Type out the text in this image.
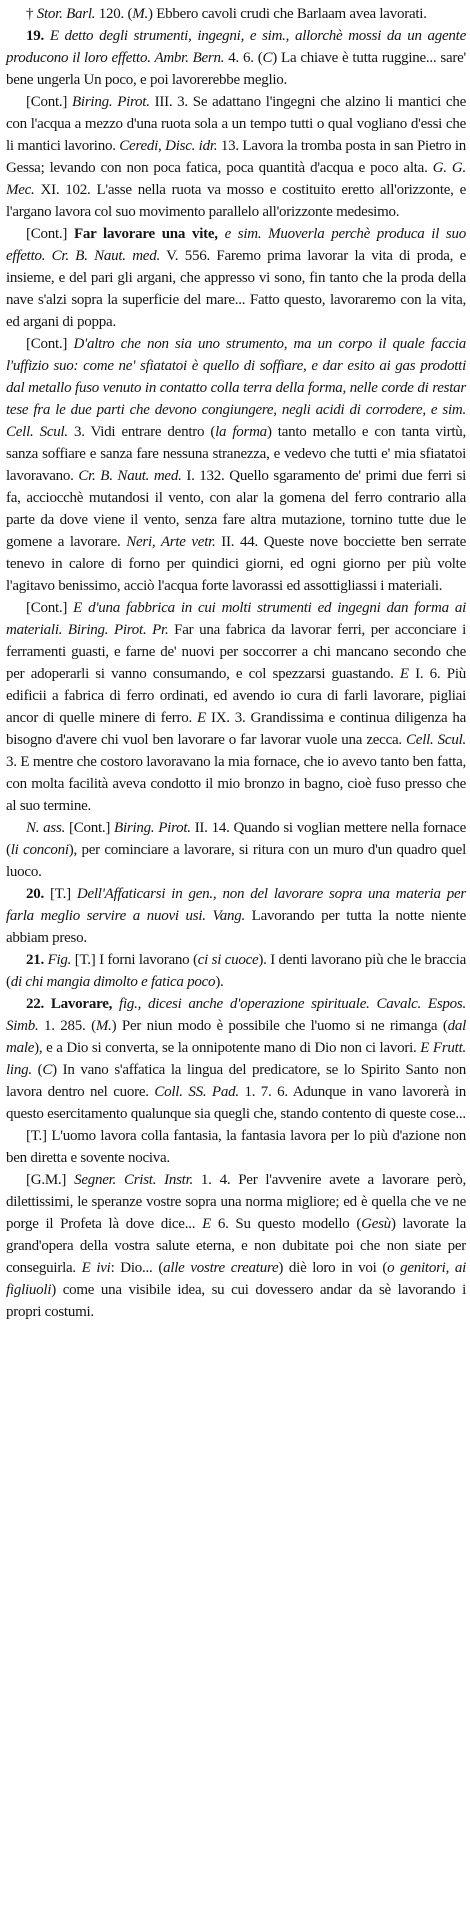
† Stor. Barl. 120. (M.) Ebbero cavoli crudi che Barlaam avea lavorati.

19. E detto degli strumenti, ingegni, e sim., allorchè mossi da un agente producono il loro effetto. Ambr. Bern. 4. 6. (C) La chiave è tutta ruggine... sare' bene ungerla Un poco, e poi lavorerebbe meglio.

[Cont.] Biring. Pirot. III. 3. Se adattano l'ingegni che alzino li mantici che con l'acqua a mezzo d'una ruota sola a un tempo tutti o qual vogliano d'essi che li mantici lavorino. Ceredi, Disc. idr. 13. Lavora la tromba posta in san Pietro in Gessa; levando con non poca fatica, poca quantità d'acqua e poco alta. G. G. Mec. XI. 102. L'asse nella ruota va mosso e costituito eretto all'orizzonte, e l'argano lavora col suo movimento parallelo all'orizzonte medesimo.

[Cont.] Far lavorare una vite, e sim. Muoverla perchè produca il suo effetto. Cr. B. Naut. med. V. 556. Faremo prima lavorar la vita di proda, e insieme, e del pari gli argani, che appresso vi sono, fin tanto che la proda della nave s'alzi sopra la superficie del mare... Fatto questo, lavoraremo con la vita, ed argani di poppa.

[Cont.] D'altro che non sia uno strumento, ma un corpo il quale faccia l'uffizio suo: come ne' sfiatatoi è quello di soffiare, e dar esito ai gas prodotti dal metallo fuso venuto in contatto colla terra della forma, nelle corde di restar tese fra le due parti che devono congiungere, negli acidi di corrodere, e sim. Cell. Scul. 3. Vidi entrare dentro (la forma) tanto metallo e con tanta virtù, sanza soffiare e sanza fare nessuna stranezza, e vedevo che tutti e' mia sfiatatoi lavoravano. Cr. B. Naut. med. I. 132. Quello sgaramento de' primi due ferri si fa, acciocchè mutandosi il vento, con alar la gomena del ferro contrario alla parte da dove viene il vento, senza fare altra mutazione, tornino tutte due le gomene a lavorare. Neri, Arte vetr. II. 44. Queste nove bocciette ben serrate tenevo in calore di forno per quindici giorni, ed ogni giorno per più volte l'agitavo benissimo, acciò l'acqua forte lavorassi ed assottigliassi i materiali.

[Cont.] E d'una fabbrica in cui molti strumenti ed ingegni dan forma ai materiali. Biring. Pirot. Pr. Far una fabrica da lavorar ferri, per acconciare i ferramenti guasti, e farne de' nuovi per soccorrer a chi mancano secondo che per adoperarli si vanno consumando, e col spezzarsi guastando. E I. 6. Più edificii a fabrica di ferro ordinati, ed avendo io cura di farli lavorare, pigliai ancor di quelle minere di ferro. E IX. 3. Grandissima e continua diligenza ha bisogno d'avere chi vuol ben lavorare o far lavorar vuole una zecca. Cell. Scul. 3. E mentre che costoro lavoravano la mia fornace, che io avevo tanto ben fatta, con molta facilità aveva condotto il mio bronzo in bagno, cioè fuso presso che al suo termine.

N. ass. [Cont.] Biring. Pirot. II. 14. Quando si voglian mettere nella fornace (li conconi), per cominciare a lavorare, si ritura con un muro d'un quadro quel luoco.

20. [T.] Dell'Affaticarsi in gen., non del lavorare sopra una materia per farla meglio servire a nuovi usi. Vang. Lavorando per tutta la notte niente abbiam preso.

21. Fig. [T.] I forni lavorano (ci si cuoce). I denti lavorano più che le braccia (di chi mangia dimolto e fatica poco).

22. Lavorare, fig., dicesi anche d'operazione spirituale. Cavalc. Espos. Simb. 1. 285. (M.) Per niun modo è possibile che l'uomo si ne rimanga (dal male), e a Dio si converta, se la onnipotente mano di Dio non ci lavori. E Frutt. ling. (C) In vano s'affatica la lingua del predicatore, se lo Spirito Santo non lavora dentro nel cuore. Coll. SS. Pad. 1. 7. 6. Adunque in vano lavorerà in questo esercitamento qualunque sia quegli che, stando contento di queste cose...

[T.] L'uomo lavora colla fantasia, la fantasia lavora per lo più d'azione non ben diretta e sovente nociva.

[G.M.] Segner. Crist. Instr. 1. 4. Per l'avvenire avete a lavorare però, dilettissimi, le speranze vostre sopra una norma migliore; ed è quella che ve ne porge il Profeta là dove dice... E 6. Su questo modello (Gesù) lavorate la grand'opera della vostra salute eterna, e non dubitate poi che non siate per conseguirla. E ivi: Dio... (alle vostre creature) diè loro in voi (o genitori, ai figliuoli) come una visibile idea, su cui dovessero andar da sè lavorando i propri costumi.
